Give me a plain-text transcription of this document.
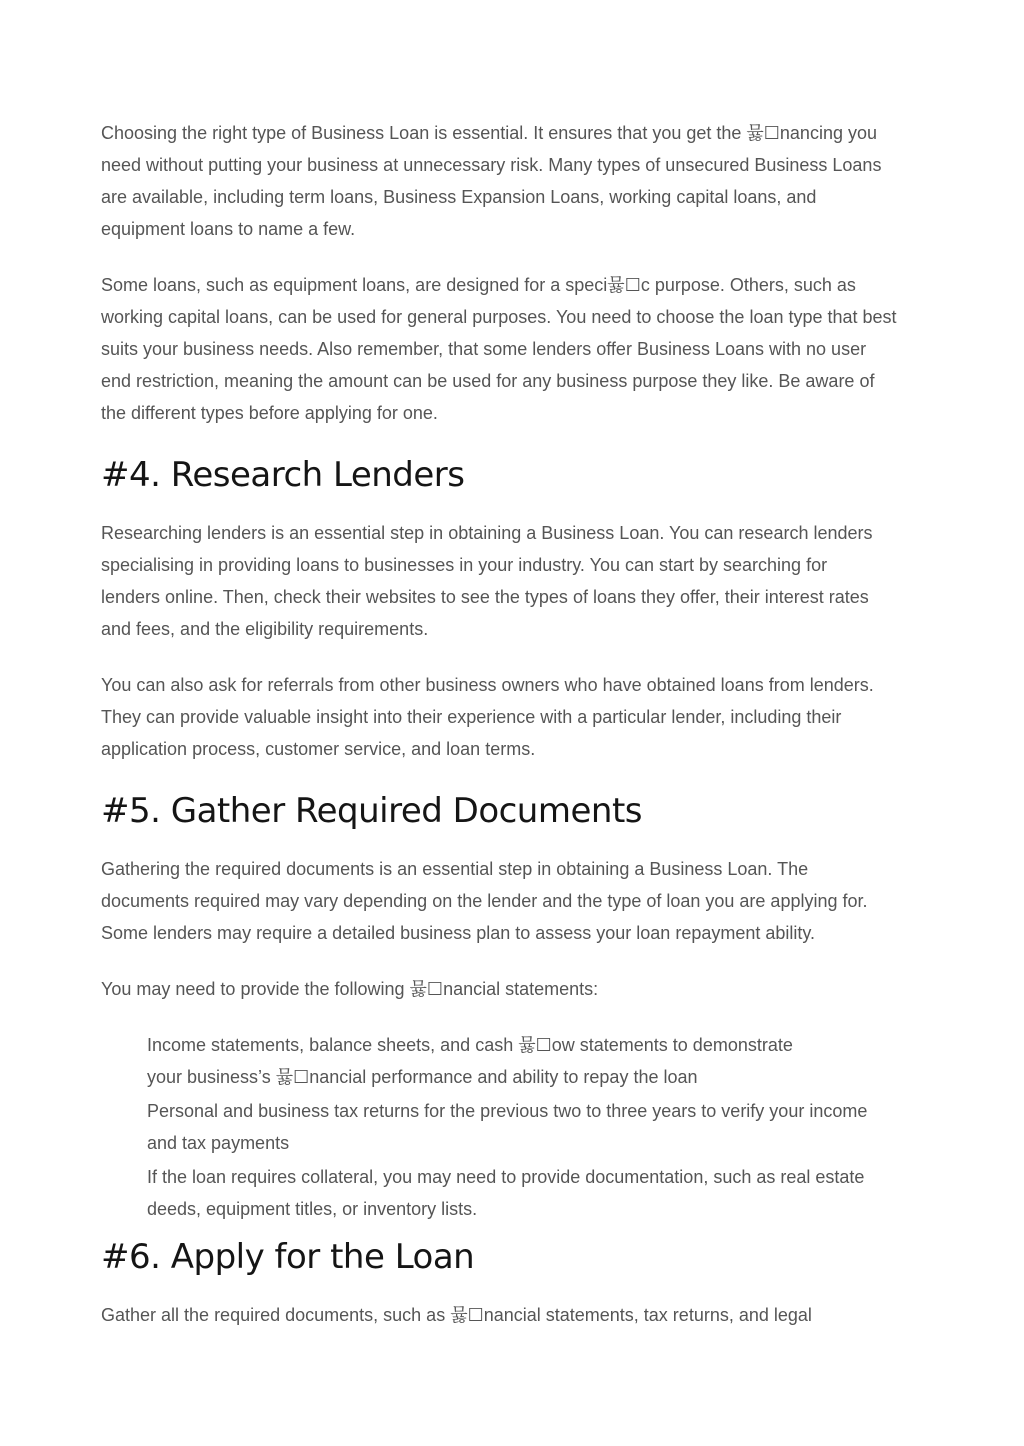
Choosing the right type of Business Loan is essential. It ensures that you get the 뮳☐nancing you
need without putting your business at unnecessary risk. Many types of unsecured Business Loans
are available, including term loans, Business Expansion Loans, working capital loans, and
equipment loans to name a few.

Some loans, such as equipment loans, are designed for a speci뮳☐c purpose. Others, such as
working capital loans, can be used for general purposes. You need to choose the loan type that best
suits your business needs. Also remember, that some lenders offer Business Loans with no user
end restriction, meaning the amount can be used for any business purpose they like. Be aware of
the different types before applying for one.

#4. Research Lenders

Researching lenders is an essential step in obtaining a Business Loan. You can research lenders
specialising in providing loans to businesses in your industry. You can start by searching for
lenders online. Then, check their websites to see the types of loans they offer, their interest rates
and fees, and the eligibility requirements.

You can also ask for referrals from other business owners who have obtained loans from lenders.
They can provide valuable insight into their experience with a particular lender, including their
application process, customer service, and loan terms.

#5. Gather Required Documents

Gathering the required documents is an essential step in obtaining a Business Loan. The
documents required may vary depending on the lender and the type of loan you are applying for.
Some lenders may require a detailed business plan to assess your loan repayment ability.

You may need to provide the following 뮳☐nancial statements:

Income statements, balance sheets, and cash 뮳☐ow statements to demonstrate
your business’s 뮳☐nancial performance and ability to repay the loan
Personal and business tax returns for the previous two to three years to verify your income
and tax payments
If the loan requires collateral, you may need to provide documentation, such as real estate
deeds, equipment titles, or inventory lists.
#6. Apply for the Loan

Gather all the required documents, such as 뮳☐nancial statements, tax returns, and legal
